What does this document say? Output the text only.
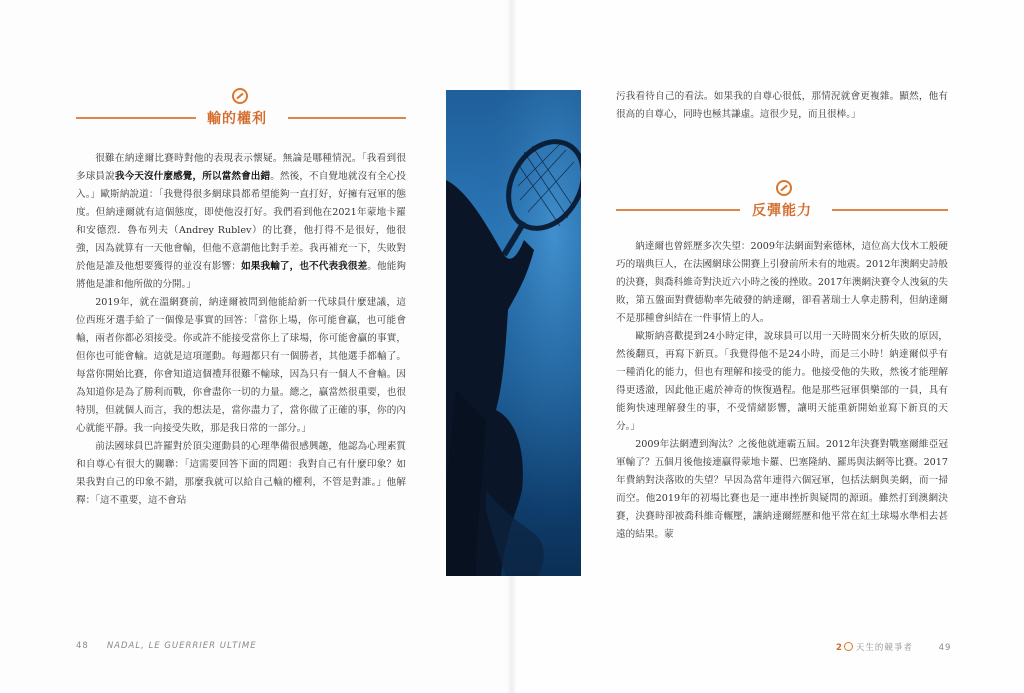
輸的權利

很難在納達爾比賽時對他的表現表示懷疑。無論是哪種情況。「我看到很多球員說我今天沒什麼感覺，所以當然會出錯。然後，不自覺地就沒有全心投入。」歐斯納說道：「我覺得很多網球員都希望能夠一直打好，好擁有冠軍的態度。但納達爾就有這個態度，即使他沒打好。我們看到他在2021年蒙地卡羅和安德烈．魯布列夫（Andrey Rublev）的比賽，他打得不是很好，他很強，因為就算有一天他會輸，但他不意謂他比對手差。我再補充一下，失敗對於他是誰及他想要獲得的並沒有影響：如果我輸了，也不代表我很差。他能夠將他是誰和他所做的分開。」

2019年，就在溫網賽前，納達爾被問到他能給新一代球員什麼建議，這位西班牙選手給了一個像是事實的回答：「當你上場，你可能會贏，也可能會輸，兩者你都必須接受。你或許不能接受當你上了球場，你可能會贏的事實，但你也可能會輸。這就是這項運動。每週都只有一個勝者，其他選手都輸了。每當你開始比賽，你會知道這個禮拜很難不輸球，因為只有一個人不會輸。因為知道你是為了勝利而戰，你會盡你一切的力量。總之，贏當然很重要，也很特別，但就個人而言，我的想法是，當你盡力了，當你做了正確的事，你的內心就能平靜。我一向接受失敗，那是我日常的一部分。」

前法國球員巴許羅對於頂尖運動員的心理準備很感興趣，他認為心理素質和自尊心有很大的關聯：「這需要回答下面的問題：我對自己有什麼印象？如果我對自己的印象不錯，那麼我就可以給自己輸的權利，不管是對誰。」他解釋：「這不重要，這不會玷

48 NADAL, LE GUERRIER ULTIME

污我看待自己的看法。如果我的自尊心很低，那情況就會更複雜。顯然，他有很高的自尊心，同時也極其謙虛。這很少見，而且很棒。」

反彈能力

納達爾也曾經歷多次失望：2009年法網面對索德林，這位高大伐木工般硬巧的瑞典巨人，在法國網球公開賽上引發前所未有的地震。2012年澳網史詩般的決賽，與喬科維奇對決近六小時之後的挫敗。2017年澳網決賽令人洩氣的失敗，第五盤面對費德勒率先破發的納達爾，卻看著瑞士人拿走勝利，但納達爾不是那種會糾結在一件事情上的人。

歐斯納喜歡提到24小時定律，說球員可以用一天時間來分析失敗的原因，然後翻頁，再寫下新頁。「我覺得他不是24小時，而是三小時！納達爾似乎有一種消化的能力，但也有理解和接受的能力。他接受他的失敗，然後才能理解得更透澈，因此他正處於神奇的恢復過程。他是那些冠軍俱樂部的一員，具有能夠快速理解發生的事，不受情緒影響，讓明天能重新開始並寫下新頁的天分。」

2009年法網遭到淘汰？之後他就連霸五屆。2012年決賽對戰塞爾維亞冠軍輸了？五個月後他接連贏得蒙地卡羅、巴塞隆納、羅馬與法網等比賽。2017年費納對決落敗的失望？早因為當年連得六個冠軍，包括法網與美網，而一掃而空。他2019年的初場比賽也是一連串挫折與疑問的源頭。雖然打到澳網決賽，決賽時卻被喬科維奇輾壓，讓納達爾經歷和他平常在紅土球場水準相去甚遠的結果。蒙

2 天生的競爭者	49
